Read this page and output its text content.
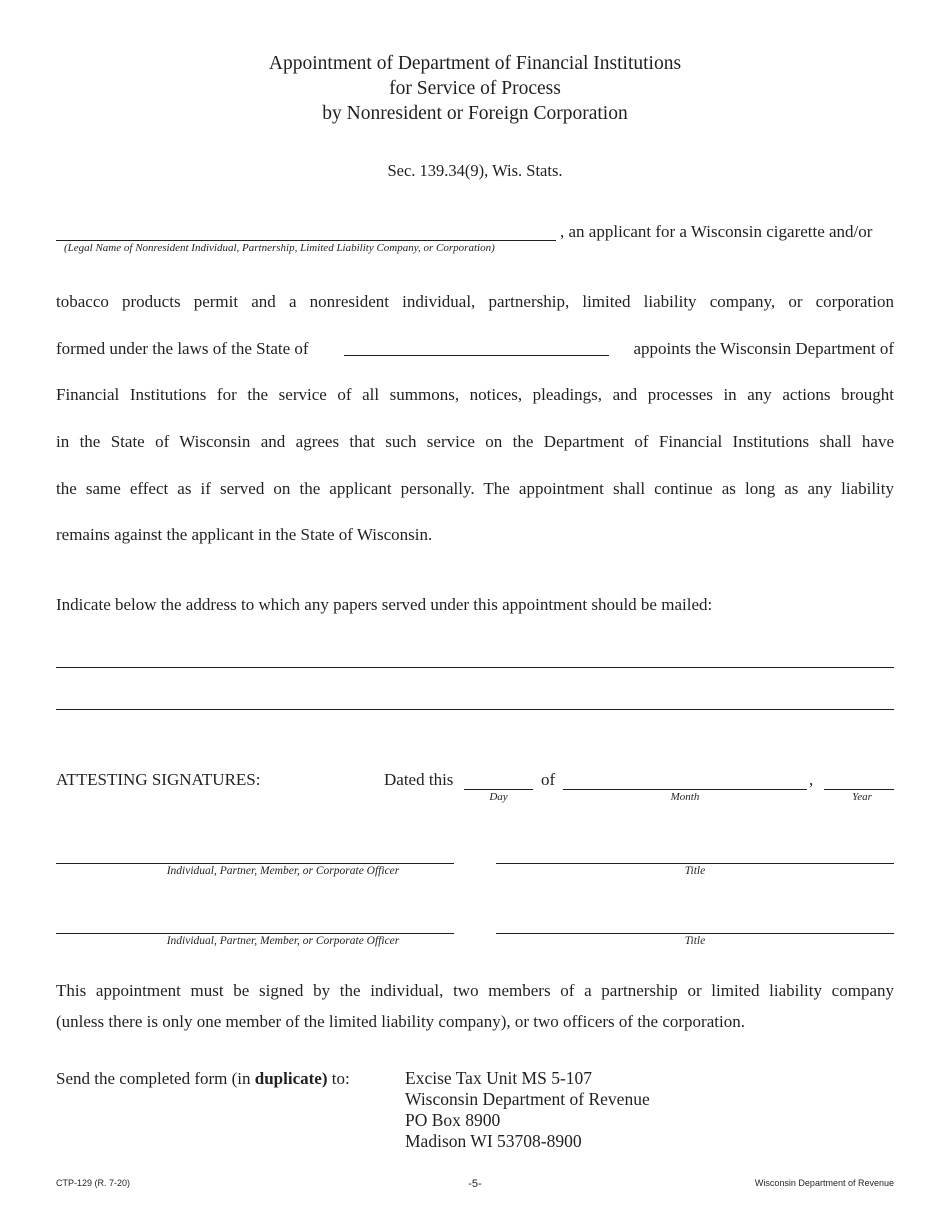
Appointment of Department of Financial Institutions
for Service of Process
by Nonresident or Foreign Corporation
Sec. 139.34(9), Wis. Stats.
, an applicant for a Wisconsin cigarette and/or
(Legal Name of Nonresident Individual, Partnership, Limited Liability Company, or Corporation)
tobacco products permit and a nonresident individual, partnership, limited liability company, or corporation
formed under the laws of the State of	appoints the Wisconsin Department of
Financial Institutions for the service of all summons, notices, pleadings, and processes in any actions brought
in the State of Wisconsin and agrees that such service on the Department of Financial Institutions shall have
the same effect as if served on the applicant personally. The appointment shall continue as long as any liability
remains against the applicant in the State of Wisconsin.
Indicate below the address to which any papers served under this appointment should be mailed:
ATTESTING SIGNATURES:	Dated this	of	,
Day	Month	Year
Individual, Partner, Member, or Corporate Officer	Title
Individual, Partner, Member, or Corporate Officer	Title
This appointment must be signed by the individual, two members of a partnership or limited liability company
(unless there is only one member of the limited liability company), or two officers of the corporation.
Send the completed form (in duplicate) to:	Excise Tax Unit MS 5-107
Wisconsin Department of Revenue
PO Box 8900
Madison WI 53708-8900
CTP-129 (R. 7-20)	-5-	Wisconsin Department of Revenue
